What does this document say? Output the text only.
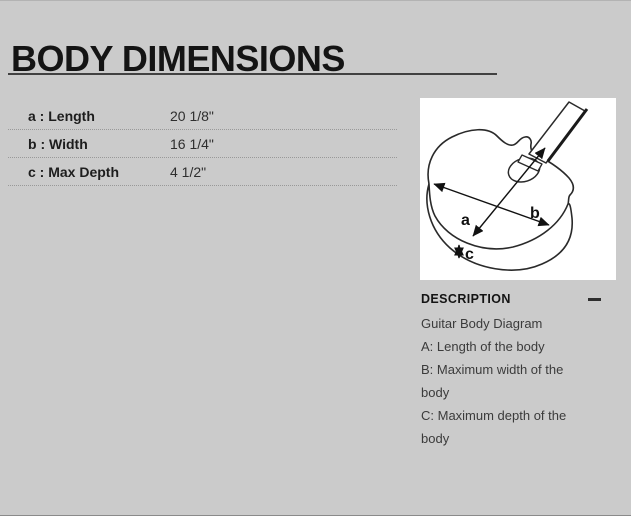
BODY DIMENSIONS
a : Length	20 1/8"
b : Width	16 1/4"
c : Max Depth	4 1/2"
a	b
c
DESCRIPTION
Guitar Body Diagram
A: Length of the body
B: Maximum width of the body
C: Maximum depth of the body
